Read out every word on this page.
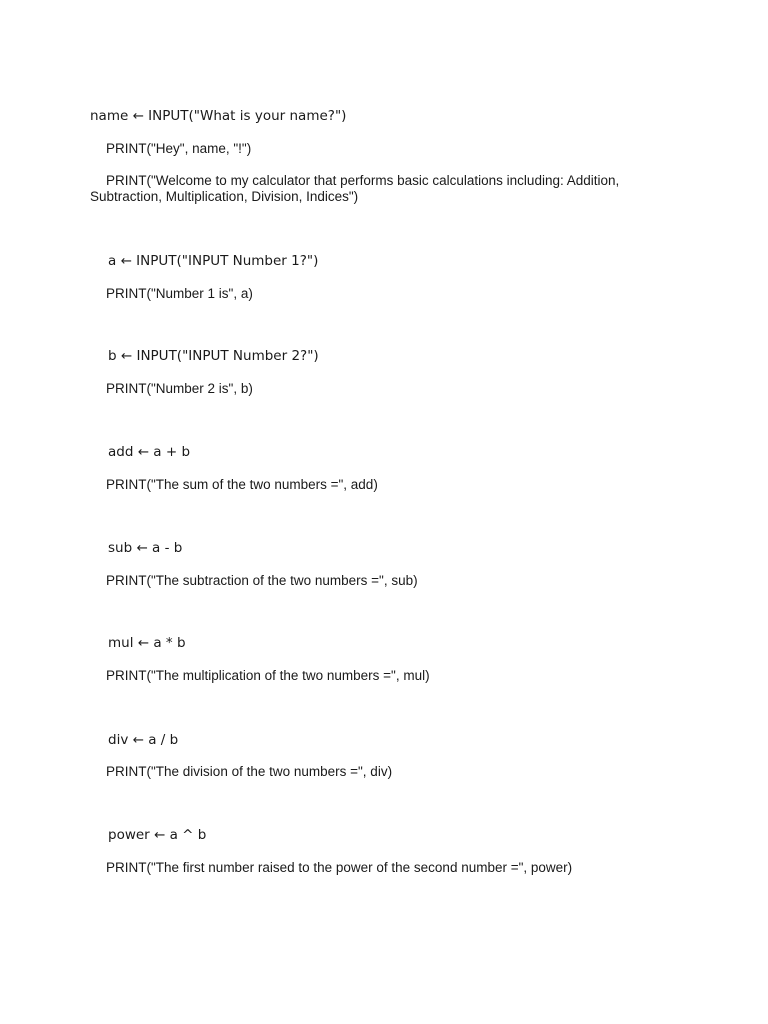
name ← INPUT("What is your name?")
PRINT("Hey", name, "!")
PRINT("Welcome to my calculator that performs basic calculations including: Addition, Subtraction, Multiplication, Division, Indices")
a ← INPUT("INPUT Number 1?")
PRINT("Number 1 is", a)
b ← INPUT("INPUT Number 2?")
PRINT("Number 2 is", b)
add ← a + b
PRINT("The sum of the two numbers =", add)
sub ← a - b
PRINT("The subtraction of the two numbers =", sub)
mul ← a * b
PRINT("The multiplication of the two numbers =", mul)
div ← a / b
PRINT("The division of the two numbers =", div)
power ← a ^ b
PRINT("The first number raised to the power of the second number =", power)
